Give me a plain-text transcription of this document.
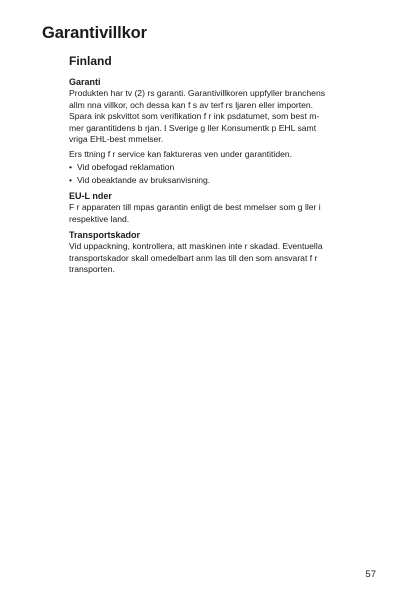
Garantivillkor
Finland
Garanti

Produkten har tv (2) rs garanti. Garantivillkoren uppfyller branchens
allm nna villkor, och dessa kan f s av terf rs ljaren eller importen.
Spara ink pskvittot som verifikation f r ink psdatumet, som best m-
mer garantitidens b rjan. I Sverige g ller Konsumentk p EHL samt
vriga EHL-best mmelser.

Ers ttning f r service kan faktureras ven under garantitiden.

• Vid obefogad reklamation
• Vid obeaktande av bruksanvisning.
EU-L nder

F r apparaten till mpas garantin enligt de best mmelser som g ller i
respektive land.

Transportskador

Vid uppackning, kontrollera, att maskinen inte r skadad. Eventuella
transportskador skall omedelbart anm las till den som ansvarat f r
transporten.

57
